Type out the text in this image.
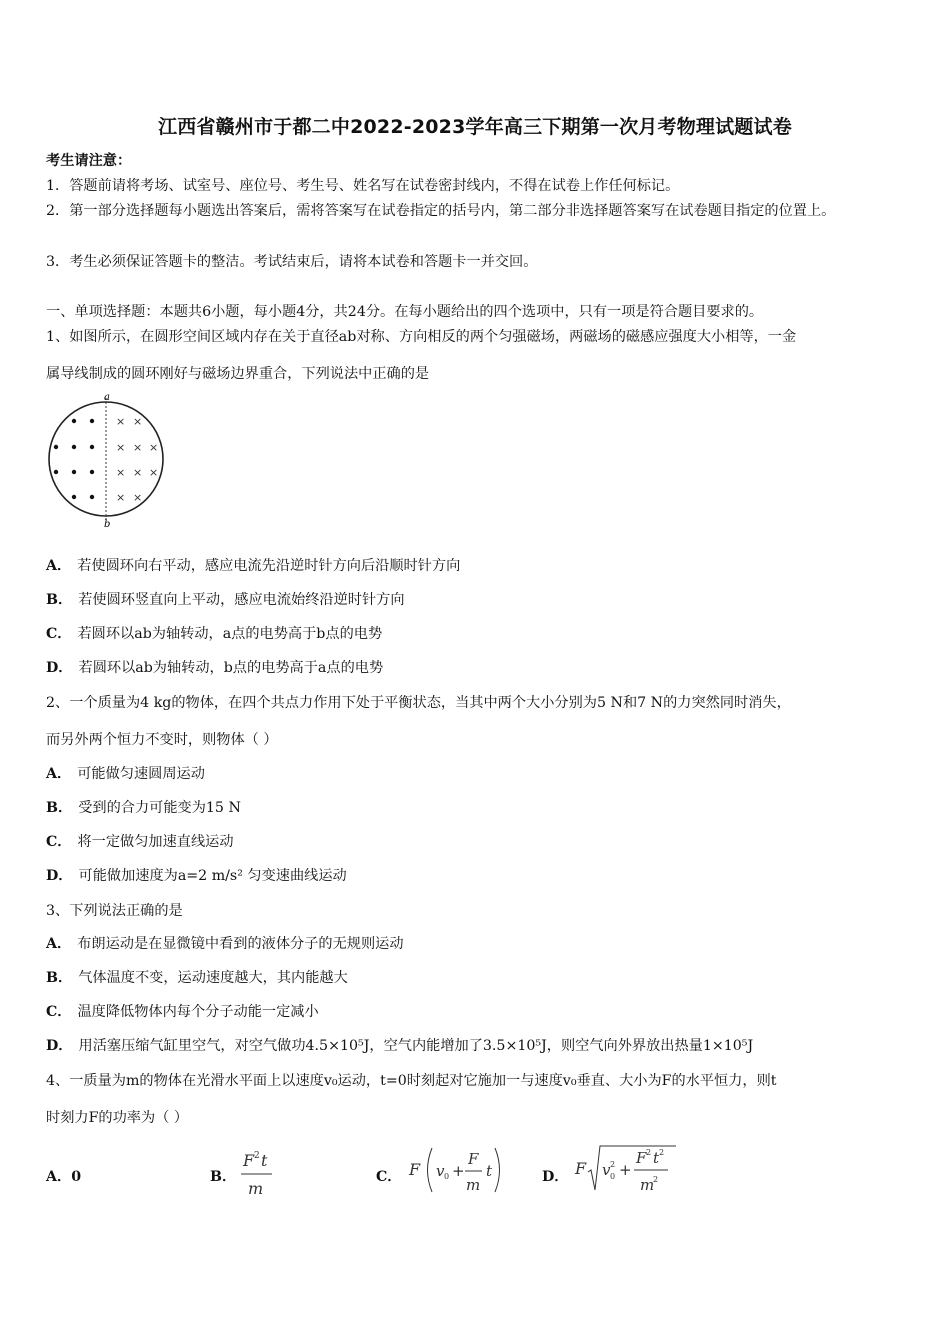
江西省赣州市于都二中2022-2023学年高三下期第一次月考物理试题试卷
考生请注意：
1．答题前请将考场、试室号、座位号、考生号、姓名写在试卷密封线内，不得在试卷上作任何标记。
2．第一部分选择题每小题选出答案后，需将答案写在试卷指定的括号内，第二部分非选择题答案写在试卷题目指定的位置上。
3．考生必须保证答题卡的整洁。考试结束后，请将本试卷和答题卡一并交回。
一、单项选择题：本题共6小题，每小题4分，共24分。在每小题给出的四个选项中，只有一项是符合题目要求的。
1、如图所示，在圆形空间区域内存在关于直径ab对称、方向相反的两个匀强磁场，两磁场的磁感应强度大小相等，一金
属导线制成的圆环刚好与磁场边界重合，下列说法中正确的是
a
b
× ×
× × ×
× × ×
× ×
A． 若使圆环向右平动，感应电流先沿逆时针方向后沿顺时针方向
B． 若使圆环竖直向上平动，感应电流始终沿逆时针方向
C． 若圆环以ab为轴转动，a点的电势高于b点的电势
D． 若圆环以ab为轴转动，b点的电势高于a点的电势
2、一个质量为4 kg的物体，在四个共点力作用下处于平衡状态，当其中两个大小分别为5 N和7 N的力突然同时消失，
而另外两个恒力不变时，则物体（ ）
A． 可能做匀速圆周运动
B． 受到的合力可能变为15 N
C． 将一定做匀加速直线运动
D． 可能做加速度为a=2 m/s² 匀变速曲线运动
3、下列说法正确的是
A． 布朗运动是在显微镜中看到的液体分子的无规则运动
B． 气体温度不变，运动速度越大，其内能越大
C． 温度降低物体内每个分子动能一定减小
D． 用活塞压缩气缸里空气，对空气做功4.5×10⁵J，空气内能增加了3.5×10⁵J，则空气向外界放出热量1×10⁵J
4、一质量为m的物体在光滑水平面上以速度v₀运动，t=0时刻起对它施加一与速度v₀垂直、大小为F的水平恒力，则t
时刻力F的功率为（ ）
A．0	B．
F 2 t
m
C． F v 0 +
F
m
t	D． F v 2
0 +
F 2 t 2
m
2
